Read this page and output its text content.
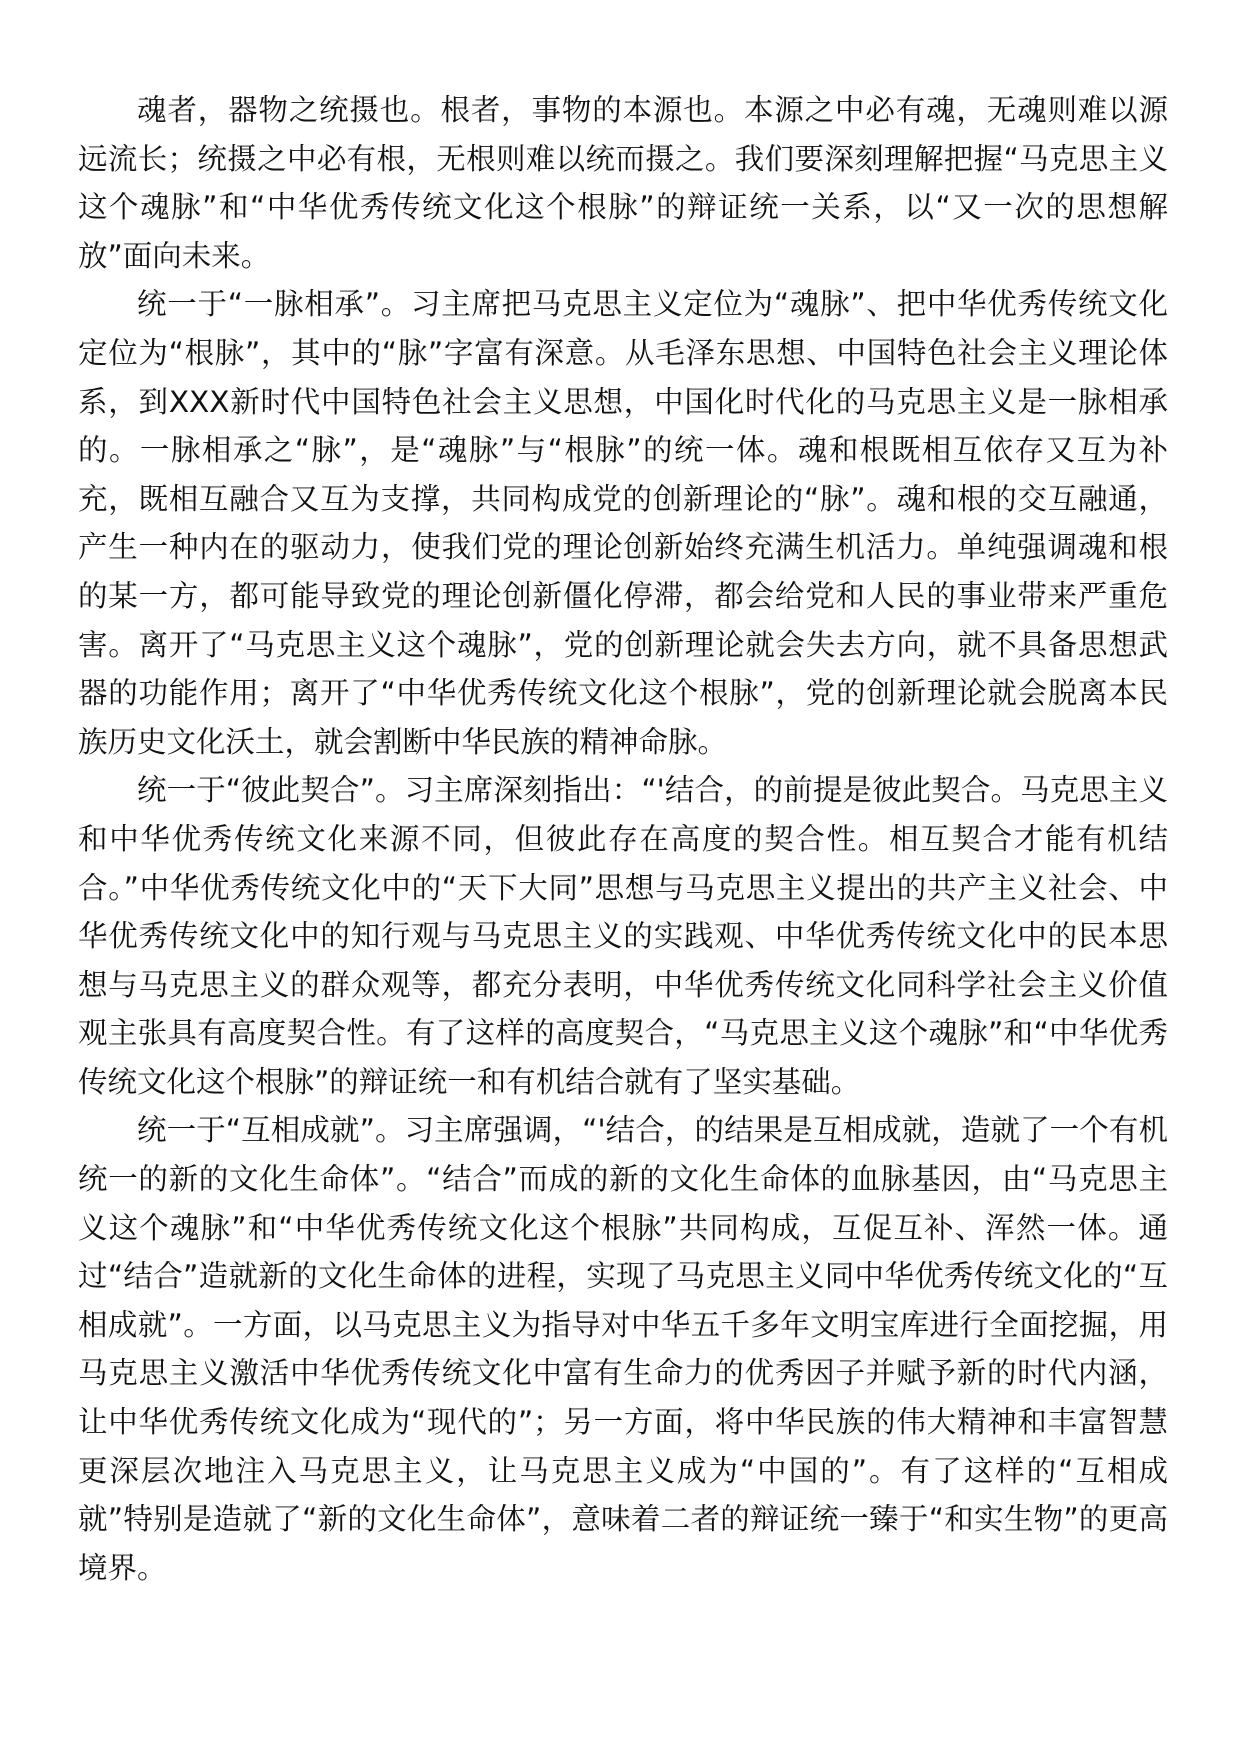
魂者，器物之统摄也。根者，事物的本源也。本源之中必有魂，无魂则难以源远流长；统摄之中必有根，无根则难以统而摄之。我们要深刻理解把握“马克思主义这个魂脉”和“中华优秀传统文化这个根脉”的辩证统一关系，以“又一次的思想解放”面向未来。

统一于“一脉相承”。习主席把马克思主义定位为“魂脉”、把中华优秀传统文化定位为“根脉”，其中的“脉”字富有深意。从毛泽东思想、中国特色社会主义理论体系，到XXX新时代中国特色社会主义思想，中国化时代化的马克思主义是一脉相承的。一脉相承之“脉”，是“魂脉”与“根脉”的统一体。魂和根既相互依存又互为补充，既相互融合又互为支撑，共同构成党的创新理论的“脉”。魂和根的交互融通，产生一种内在的驱动力，使我们党的理论创新始终充满生机活力。单纯强调魂和根的某一方，都可能导致党的理论创新僵化停滞，都会给党和人民的事业带来严重危害。离开了“马克思主义这个魂脉”，党的创新理论就会失去方向，就不具备思想武器的功能作用；离开了“中华优秀传统文化这个根脉”，党的创新理论就会脱离本民族历史文化沃土，就会割断中华民族的精神命脉。

统一于“彼此契合”。习主席深刻指出：“'结合，的前提是彼此契合。马克思主义和中华优秀传统文化来源不同，但彼此存在高度的契合性。相互契合才能有机结合。”中华优秀传统文化中的“天下大同”思想与马克思主义提出的共产主义社会、中华优秀传统文化中的知行观与马克思主义的实践观、中华优秀传统文化中的民本思想与马克思主义的群众观等，都充分表明，中华优秀传统文化同科学社会主义价值观主张具有高度契合性。有了这样的高度契合，“马克思主义这个魂脉”和“中华优秀传统文化这个根脉”的辩证统一和有机结合就有了坚实基础。

统一于“互相成就”。习主席强调，“'结合，的结果是互相成就，造就了一个有机统一的新的文化生命体”。“结合”而成的新的文化生命体的血脉基因，由“马克思主义这个魂脉”和“中华优秀传统文化这个根脉”共同构成，互促互补、浑然一体。通过“结合”造就新的文化生命体的进程，实现了马克思主义同中华优秀传统文化的“互相成就”。一方面，以马克思主义为指导对中华五千多年文明宝库进行全面挖掘，用马克思主义激活中华优秀传统文化中富有生命力的优秀因子并赋予新的时代内涵，让中华优秀传统文化成为“现代的”；另一方面，将中华民族的伟大精神和丰富智慧更深层次地注入马克思主义，让马克思主义成为“中国的”。有了这样的“互相成就”特别是造就了“新的文化生命体”，意味着二者的辩证统一臻于“和实生物”的更高境界。
